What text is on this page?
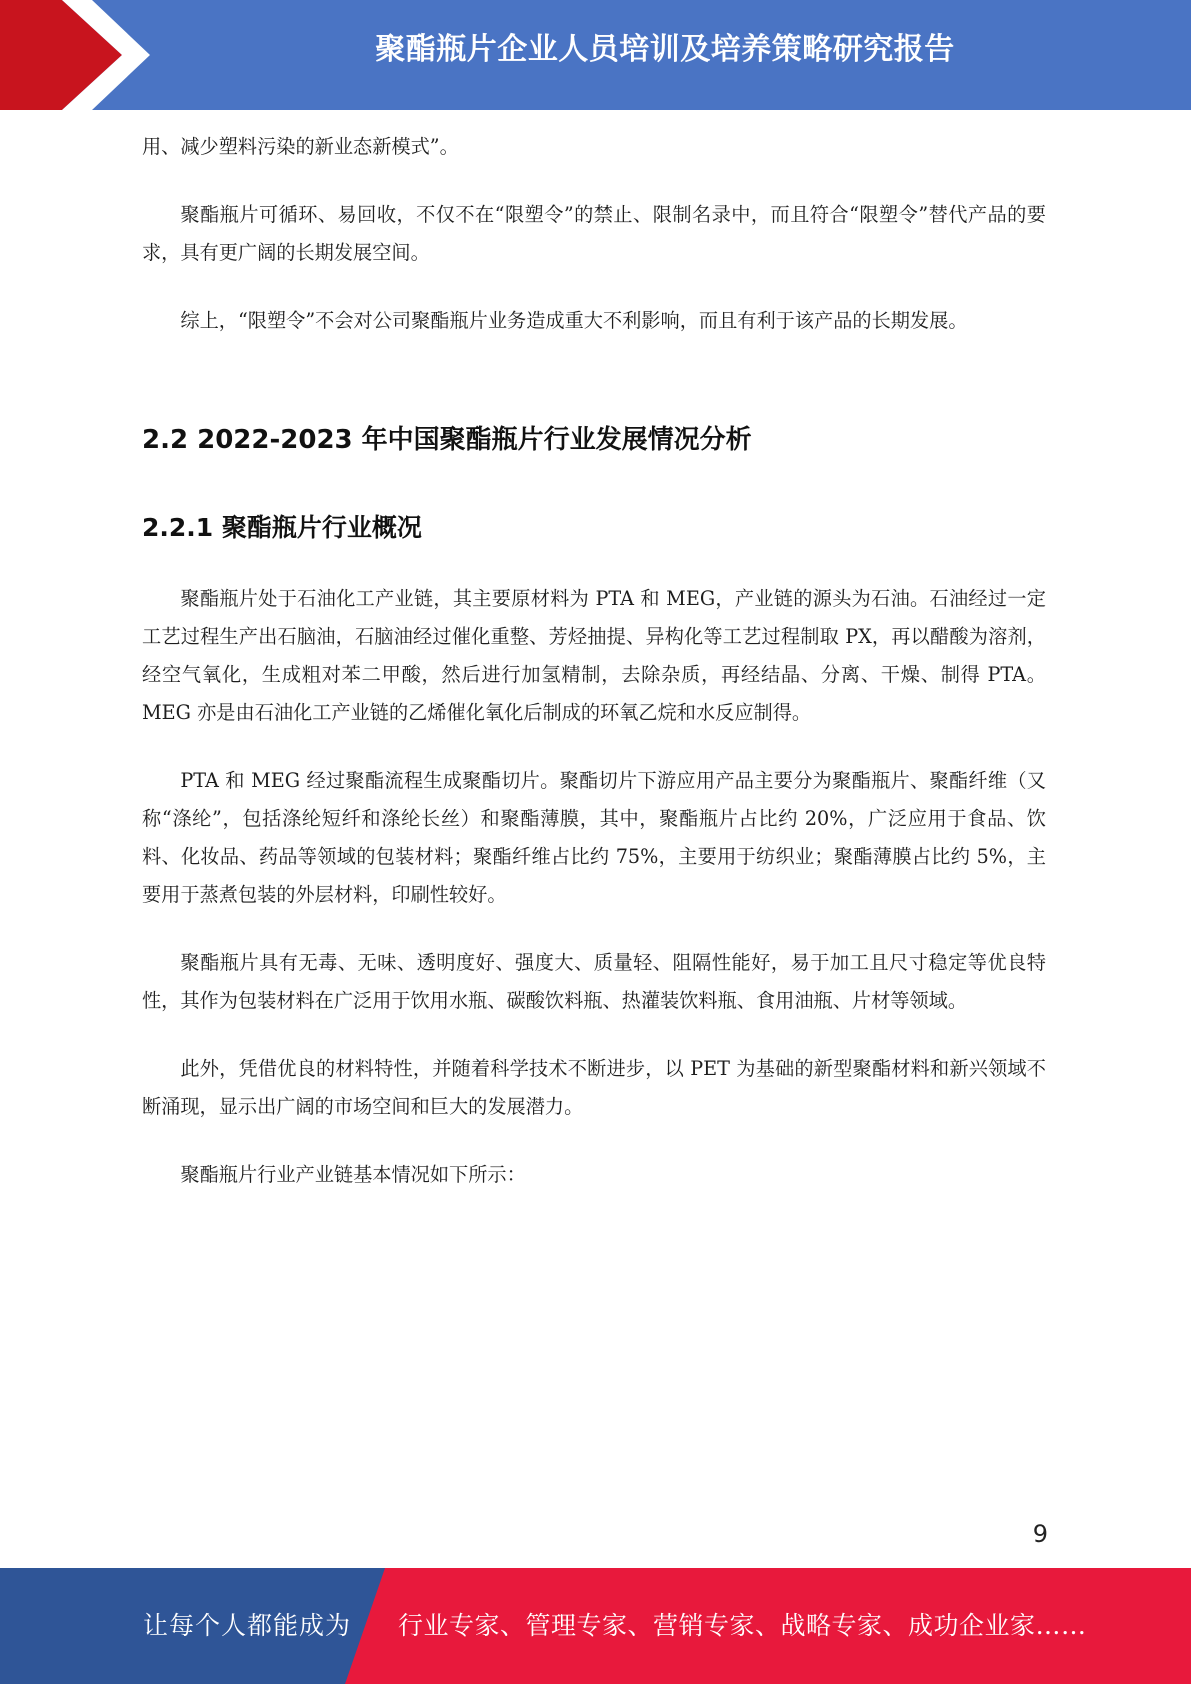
聚酯瓶片企业人员培训及培养策略研究报告

用、减少塑料污染的新业态新模式”。

聚酯瓶片可循环、易回收，不仅不在“限塑令”的禁止、限制名录中，而且符合“限塑令”替代产品的要求，具有更广阔的长期发展空间。

综上，“限塑令”不会对公司聚酯瓶片业务造成重大不利影响，而且有利于该产品的长期发展。

2.2 2022-2023 年中国聚酯瓶片行业发展情况分析
2.2.1 聚酯瓶片行业概况

聚酯瓶片处于石油化工产业链，其主要原材料为 PTA 和 MEG，产业链的源头为石油。石油经过一定工艺过程生产出石脑油，石脑油经过催化重整、芳烃抽提、异构化等工艺过程制取 PX，再以醋酸为溶剂，经空气氧化，生成粗对苯二甲酸，然后进行加氢精制，去除杂质，再经结晶、分离、干燥、制得 PTA。MEG 亦是由石油化工产业链的乙烯催化氧化后制成的环氧乙烷和水反应制得。

PTA 和 MEG 经过聚酯流程生成聚酯切片。聚酯切片下游应用产品主要分为聚酯瓶片、聚酯纤维（又称“涤纶”，包括涤纶短纤和涤纶长丝）和聚酯薄膜，其中，聚酯瓶片占比约 20%，广泛应用于食品、饮料、化妆品、药品等领域的包装材料；聚酯纤维占比约 75%，主要用于纺织业；聚酯薄膜占比约 5%，主要用于蒸煮包装的外层材料，印刷性较好。

聚酯瓶片具有无毒、无味、透明度好、强度大、质量轻、阻隔性能好，易于加工且尺寸稳定等优良特性，其作为包装材料在广泛用于饮用水瓶、碳酸饮料瓶、热灌装饮料瓶、食用油瓶、片材等领域。

此外，凭借优良的材料特性，并随着科学技术不断进步，以 PET 为基础的新型聚酯材料和新兴领域不断涌现，显示出广阔的市场空间和巨大的发展潜力。

聚酯瓶片行业产业链基本情况如下所示：

9
让每个人都能成为 行业专家、管理专家、营销专家、战略专家、成功企业家……
